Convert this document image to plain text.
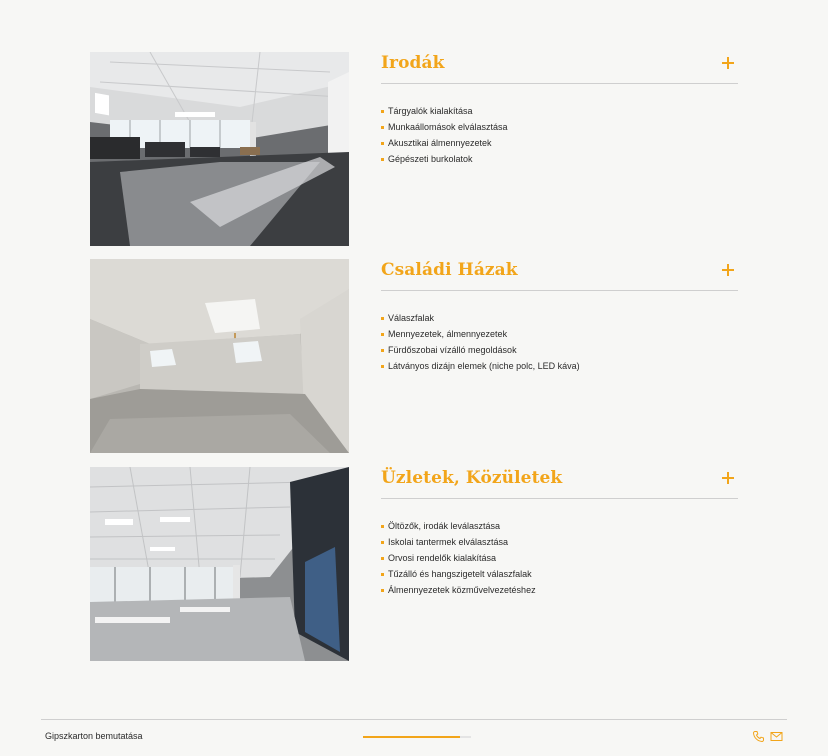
Irodák
Tárgyalók kialakítása
Munkaállomások elválasztása
Akusztikai álmennyezetek
Gépészeti burkolatok
Családi Házak
Válaszfalak
Mennyezetek, álmennyezetek
Fürdőszobai vízálló megoldások
Látványos dizájn elemek (niche polc, LED káva)
Üzletek, Közületek
Öltözők, irodák leválasztása
Iskolai tantermek elválasztása
Orvosi rendelők kialakítása
Tűzálló és hangszigetelt válaszfalak
Álmennyezetek közművelvezetéshez
Gipszkarton bemutatása
